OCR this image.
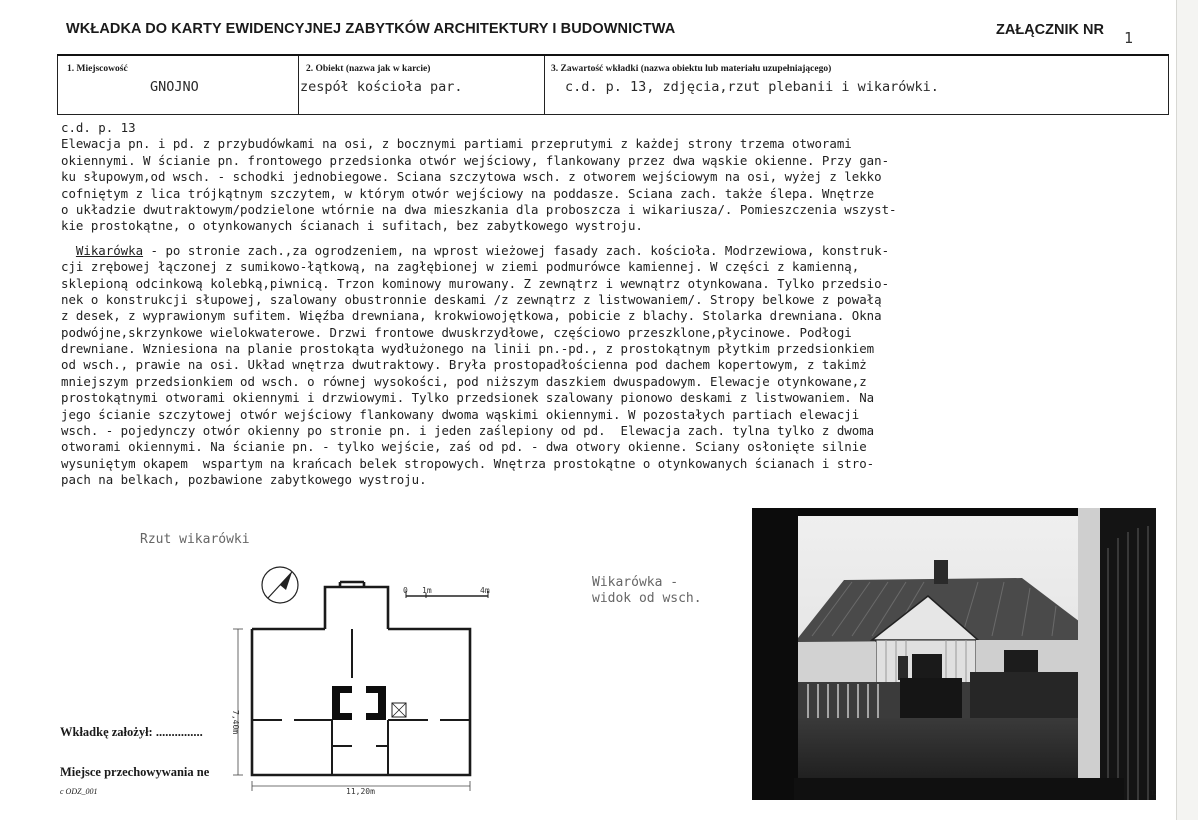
WKŁADKA DO KARTY EWIDENCYJNEJ ZABYTKÓW ARCHITEKTURY I BUDOWNICTWA	ZAŁĄCZNIK NR 1
1. Miejscowość
GNOJNO
2. Obiekt (nazwa jak w karcie)
zespół kościoła par.
3. Zawartość wkładki (nazwa obiektu lub materiału uzupełniającego)
c.d. p. 13, zdjęcia,rzut plebanii i wikarówki.
c.d. p. 13
Elewacja pn. i pd. z przybudówkami na osi, z bocznymi partiami przeprutymi z każdej strony trzema otworami
okiennymi. W ścianie pn. frontowego przedsionka otwór wejściowy, flankowany przez dwa wąskie okienne. Przy gan-
ku słupowym,od wsch. - schodki jednobiegowe. Sciana szczytowa wsch. z otworem wejściowym na osi, wyżej z lekko
cofniętym z lica trójkątnym szczytem, w którym otwór wejściowy na poddasze. Sciana zach. także ślepa. Wnętrze
o układzie dwutraktowym/podzielone wtórnie na dwa mieszkania dla proboszcza i wikariusza/. Pomieszczenia wszyst-
kie prostokątne, o otynkowanych ścianach i sufitach, bez zabytkowego wystroju.
Wikarówka - po stronie zach.,za ogrodzeniem, na wprost wieżowej fasady zach. kościoła. Modrzewiowa, konstruk-
cji zrębowej łączonej z sumikowo-łątkową, na zagłębionej w ziemi podmurówce kamiennej. W części z kamienną,
sklepioną odcinkową kolebką,piwnicą. Trzon kominowy murowany. Z zewnątrz i wewnątrz otynkowana. Tylko przedsio-
nek o konstrukcji słupowej, szalowany obustronnie deskami /z zewnątrz z listwowaniem/. Stropy belkowe z powałą
z desek, z wyprawionym sufitem. Więźba drewniana, krokwiowojętkowa, pobicie z blachy. Stolarka drewniana. Okna
podwójne,skrzynkowe wielokwaterowe. Drzwi frontowe dwuskrzydłowe, częściowo przeszklone,płycinowe. Podłogi
drewniane. Wzniesiona na planie prostokąta wydłużonego na linii pn.-pd., z prostokątnym płytkim przedsionkiem
od wsch., prawie na osi. Układ wnętrza dwutraktowy. Bryła prostopadłościenna pod dachem kopertowym, z takimż
mniejszym przedsionkiem od wsch. o równej wysokości, pod niższym daszkiem dwuspadowym. Elewacje otynkowane,z
prostokątnymi otworami okiennymi i drzwiowymi. Tylko przedsionek szalowany pionowo deskami z listwowaniem. Na
jego ścianie szczytowej otwór wejściowy flankowany dwoma wąskimi okiennymi. W pozostałych partiach elewacji
wsch. - pojedynczy otwór okienny po stronie pn. i jeden zaślepiony od pd.  Elewacja zach. tylna tylko z dwoma
otworami okiennymi. Na ścianie pn. - tylko wejście, zaś od pd. - dwa otwory okienne. Sciany osłonięte silnie
wysuniętym okapem  wspartym na krańcach belek stropowych. Wnętrza prostokątne o otynkowanych ścianach i stro-
pach na belkach, pozbawione zabytkowego wystroju.
Rzut wikarówki
0 1m	4m
11,20m
7,40m
Wikarówka -
widok od wsch.
r.
Wkładkę założył: ...............
Miejsce przechowywania ne
c ODZ_001
